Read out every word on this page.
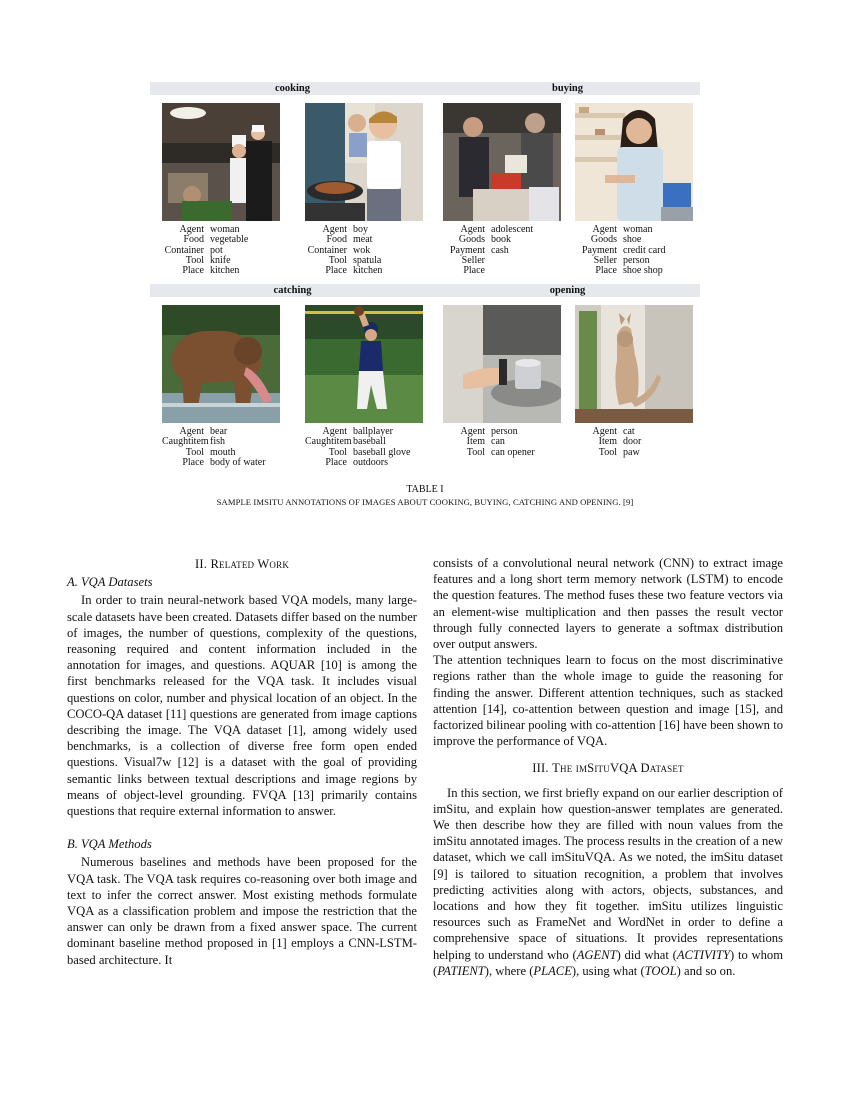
cooking	buying
catching	opening
Agent woman
Food vegetable
Container pot
Tool knife
Place kitchen
Agent boy
Food meat
Container wok
Tool spatula
Place kitchen
Agent adolescent
Goods book
Payment cash
Seller
Place
Agent woman
Goods shoe
Payment credit card
Seller person
Place shoe shop
Agent bear
Caughtitem fish
Tool mouth
Place body of water
Agent ballplayer
Caughtitem baseball
Tool baseball glove
Place outdoors
Agent person
Item can
Tool can opener
Agent cat
Item door
Tool paw
TABLE I
SAMPLE IMSITU ANNOTATIONS OF IMAGES ABOUT COOKING, BUYING, CATCHING AND OPENING. [9]
II. Related Work
A. VQA Datasets

In order to train neural-network based VQA models, many large-scale datasets have been created. Datasets differ based on the number of images, the number of questions, complexity of the questions, reasoning required and content information included in the annotation for images, and questions. AQUAR [10] is among the first benchmarks released for the VQA task. It includes visual questions on color, number and physical location of an object. In the COCO-QA dataset [11] questions are generated from image captions describing the image. The VQA dataset [1], among widely used benchmarks, is a collection of diverse free form open ended questions. Visual7w [12] is a dataset with the goal of providing semantic links between textual descriptions and image regions by means of object-level grounding. FVQA [13] primarily contains questions that require external information to answer.

B. VQA Methods

Numerous baselines and methods have been proposed for the VQA task. The VQA task requires co-reasoning over both image and text to infer the correct answer. Most existing methods formulate VQA as a classification problem and impose the restriction that the answer can only be drawn from a fixed answer space. The current dominant baseline method proposed in [1] employs a CNN-LSTM-based architecture. It

consists of a convolutional neural network (CNN) to extract image features and a long short term memory network (LSTM) to encode the question features. The method fuses these two feature vectors via an element-wise multiplication and then passes the result vector through fully connected layers to generate a softmax distribution over output answers.

The attention techniques learn to focus on the most discriminative regions rather than the whole image to guide the reasoning for finding the answer. Different attention techniques, such as stacked attention [14], co-attention between question and image [15], and factorized bilinear pooling with co-attention [16] have been shown to improve the performance of VQA.

III. The imSituVQA Dataset

In this section, we first briefly expand on our earlier description of imSitu, and explain how question-answer templates are generated. We then describe how they are filled with noun values from the imSitu annotated images. The process results in the creation of a new dataset, which we call imSituVQA. As we noted, the imSitu dataset [9] is tailored to situation recognition, a problem that involves predicting activities along with actors, objects, substances, and locations and how they fit together. imSitu utilizes linguistic resources such as FrameNet and WordNet in order to define a comprehensive space of situations. It provides representations helping to understand who (AGENT) did what (ACTIVITY) to whom (PATIENT), where (PLACE), using what (TOOL) and so on.
